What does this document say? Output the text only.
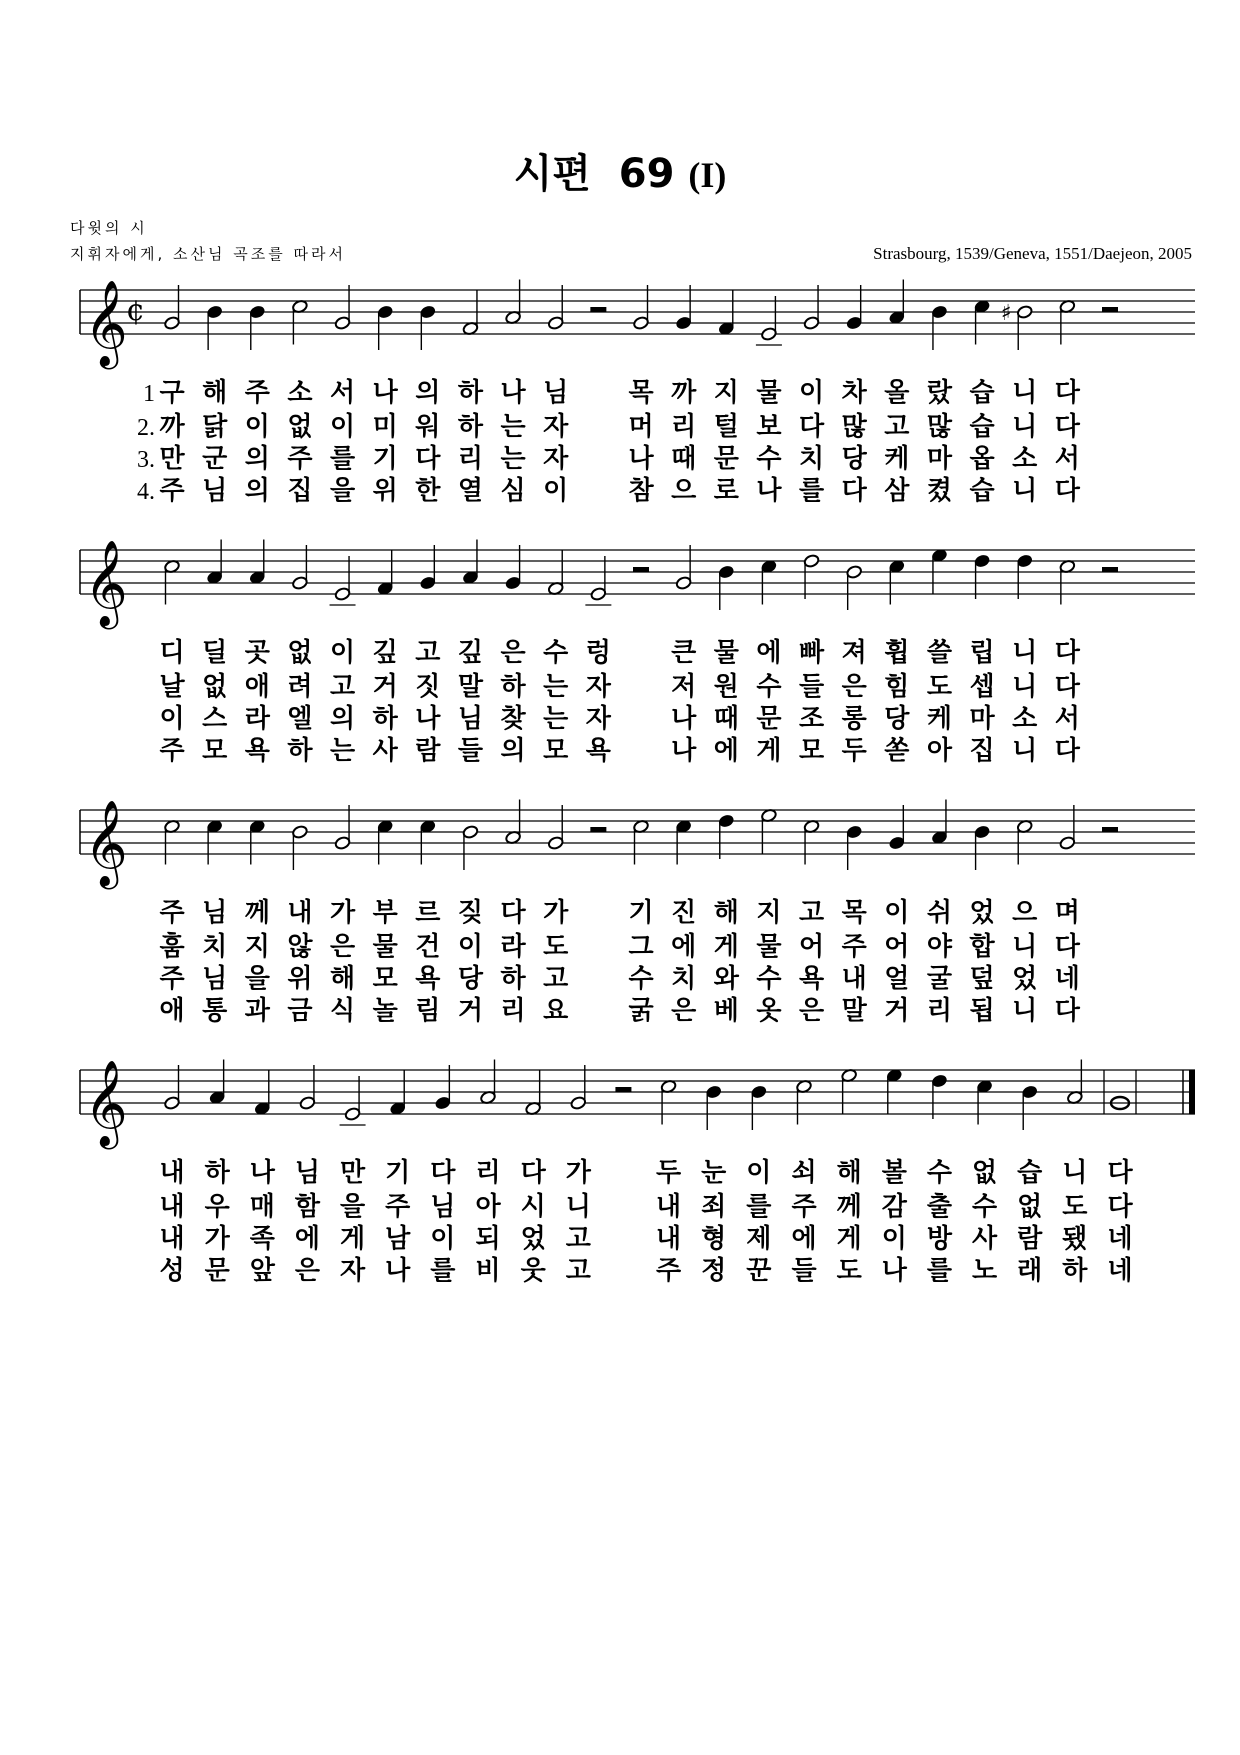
시편 69 (I)
다윗의 시
지휘자에게, 소산님 곡조를 따라서	Strasbourg, 1539/Geneva, 1551/Daejeon, 2005
𝄞
¢	♯
1
2.
3.
4.
구 해 주 소 서 나 의 하 나 님 목 까 지 물 이 차 올 랐 습 니 다
까 닭 이 없 이 미 워 하 는 자 머 리 털 보 다 많 고 많 습 니 다
만 군 의 주 를 기 다 리 는 자 나 때 문 수 치 당 케 마 옵 소 서
주 님 의 집 을 위 한 열 심 이 참 으 로 나 를 다 삼 켰 습 니 다
𝄞
디 딜 곳 없 이 깊 고 깊 은 수 렁 큰 물 에 빠 져 휩 쓸 립 니 다
날 없 애 려 고 거 짓 말 하 는 자 저 원 수 들 은 힘 도 셉 니 다
이 스 라 엘 의 하 나 님 찾 는 자 나 때 문 조 롱 당 케 마 소 서
주 모 욕 하 는 사 람 들 의 모 욕 나 에 게 모 두 쏟 아 집 니 다
𝄞
주 님 께 내 가 부 르 짖 다 가 기 진 해 지 고 목 이 쉬 었 으 며
훔 치 지 않 은 물 건 이 라 도 그 에 게 물 어 주 어 야 합 니 다
주 님 을 위 해 모 욕 당 하 고 수 치 와 수 욕 내 얼 굴 덮 었 네
애 통 과 금 식 놀 림 거 리 요 굵 은 베 옷 은 말 거 리 됩 니 다
𝄞
내 하 나 님 만 기 다 리 다 가	두 눈 이 쇠 해 볼 수 없 습 니 다
내 우 매 함 을 주 님 아 시 니	내 죄 를 주 께 감 출 수 없 도 다
내 가 족 에 게 남 이 되 었 고	내 형 제 에 게 이 방 사 람 됐 네
성 문 앞 은 자 나 를 비 웃 고	주 정 꾼 들 도 나 를 노 래 하 네
